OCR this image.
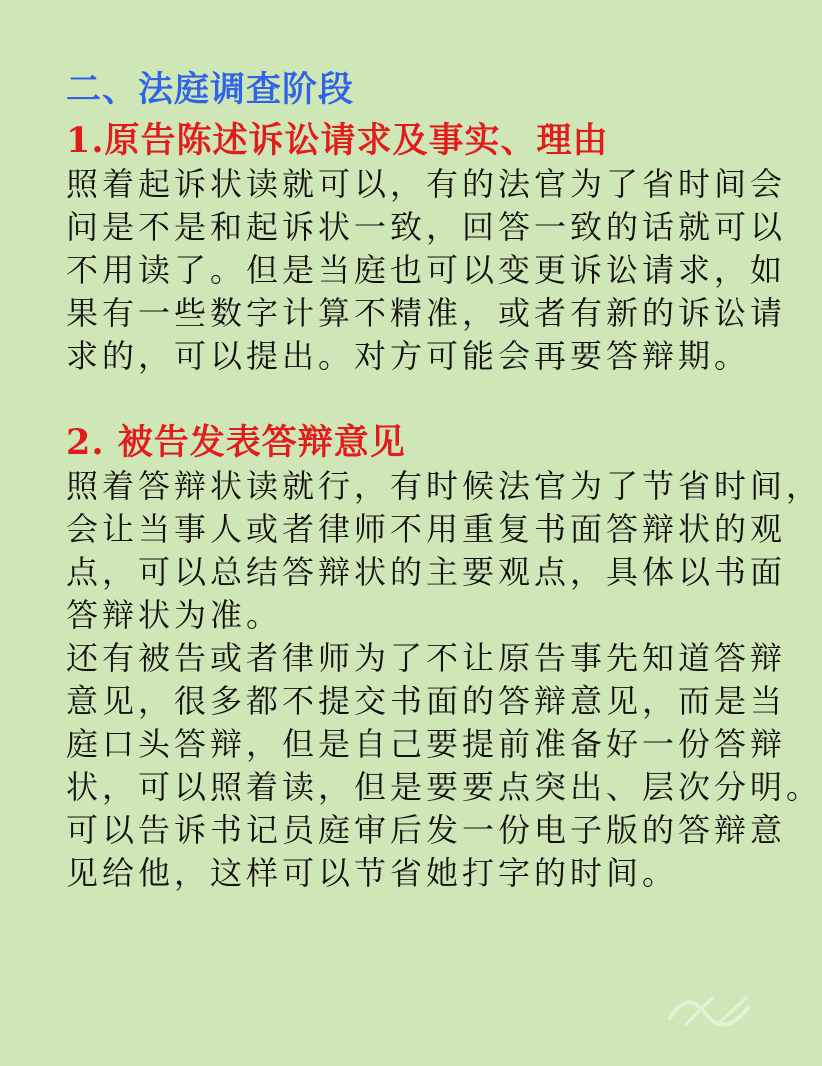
二、法庭调查阶段
1.原告陈述诉讼请求及事实、理由
照着起诉状读就可以，有的法官为了省时间会
问是不是和起诉状一致，回答一致的话就可以
不用读了。但是当庭也可以变更诉讼请求，如
果有一些数字计算不精准，或者有新的诉讼请
求的，可以提出。对方可能会再要答辩期。
2. 被告发表答辩意见
照着答辩状读就行，有时候法官为了节省时间，
会让当事人或者律师不用重复书面答辩状的观
点，可以总结答辩状的主要观点，具体以书面
答辩状为准。
还有被告或者律师为了不让原告事先知道答辩
意见，很多都不提交书面的答辩意见，而是当
庭口头答辩，但是自己要提前准备好一份答辩
状，可以照着读，但是要要点突出、层次分明。
可以告诉书记员庭审后发一份电子版的答辩意
见给他，这样可以节省她打字的时间。
